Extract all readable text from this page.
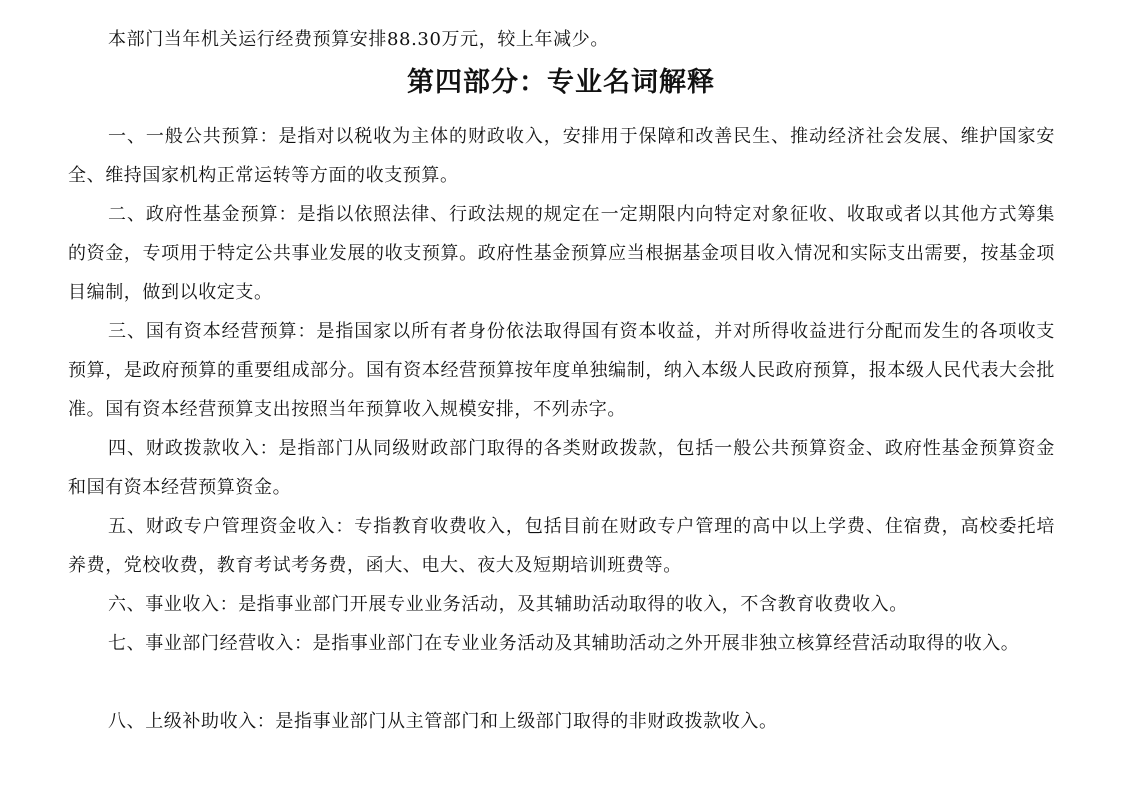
本部门当年机关运行经费预算安排88.30万元，较上年减少。

第四部分：专业名词解释

一、一般公共预算：是指对以税收为主体的财政收入，安排用于保障和改善民生、推动经济社会发展、维护国家安全、维持国家机构正常运转等方面的收支预算。

二、政府性基金预算：是指以依照法律、行政法规的规定在一定期限内向特定对象征收、收取或者以其他方式筹集的资金，专项用于特定公共事业发展的收支预算。政府性基金预算应当根据基金项目收入情况和实际支出需要，按基金项目编制，做到以收定支。

三、国有资本经营预算：是指国家以所有者身份依法取得国有资本收益，并对所得收益进行分配而发生的各项收支预算，是政府预算的重要组成部分。国有资本经营预算按年度单独编制，纳入本级人民政府预算，报本级人民代表大会批准。国有资本经营预算支出按照当年预算收入规模安排，不列赤字。

四、财政拨款收入：是指部门从同级财政部门取得的各类财政拨款，包括一般公共预算资金、政府性基金预算资金和国有资本经营预算资金。

五、财政专户管理资金收入：专指教育收费收入，包括目前在财政专户管理的高中以上学费、住宿费，高校委托培养费，党校收费，教育考试考务费，函大、电大、夜大及短期培训班费等。

六、事业收入：是指事业部门开展专业业务活动，及其辅助活动取得的收入，不含教育收费收入。

七、事业部门经营收入：是指事业部门在专业业务活动及其辅助活动之外开展非独立核算经营活动取得的收入。

八、上级补助收入：是指事业部门从主管部门和上级部门取得的非财政拨款收入。
